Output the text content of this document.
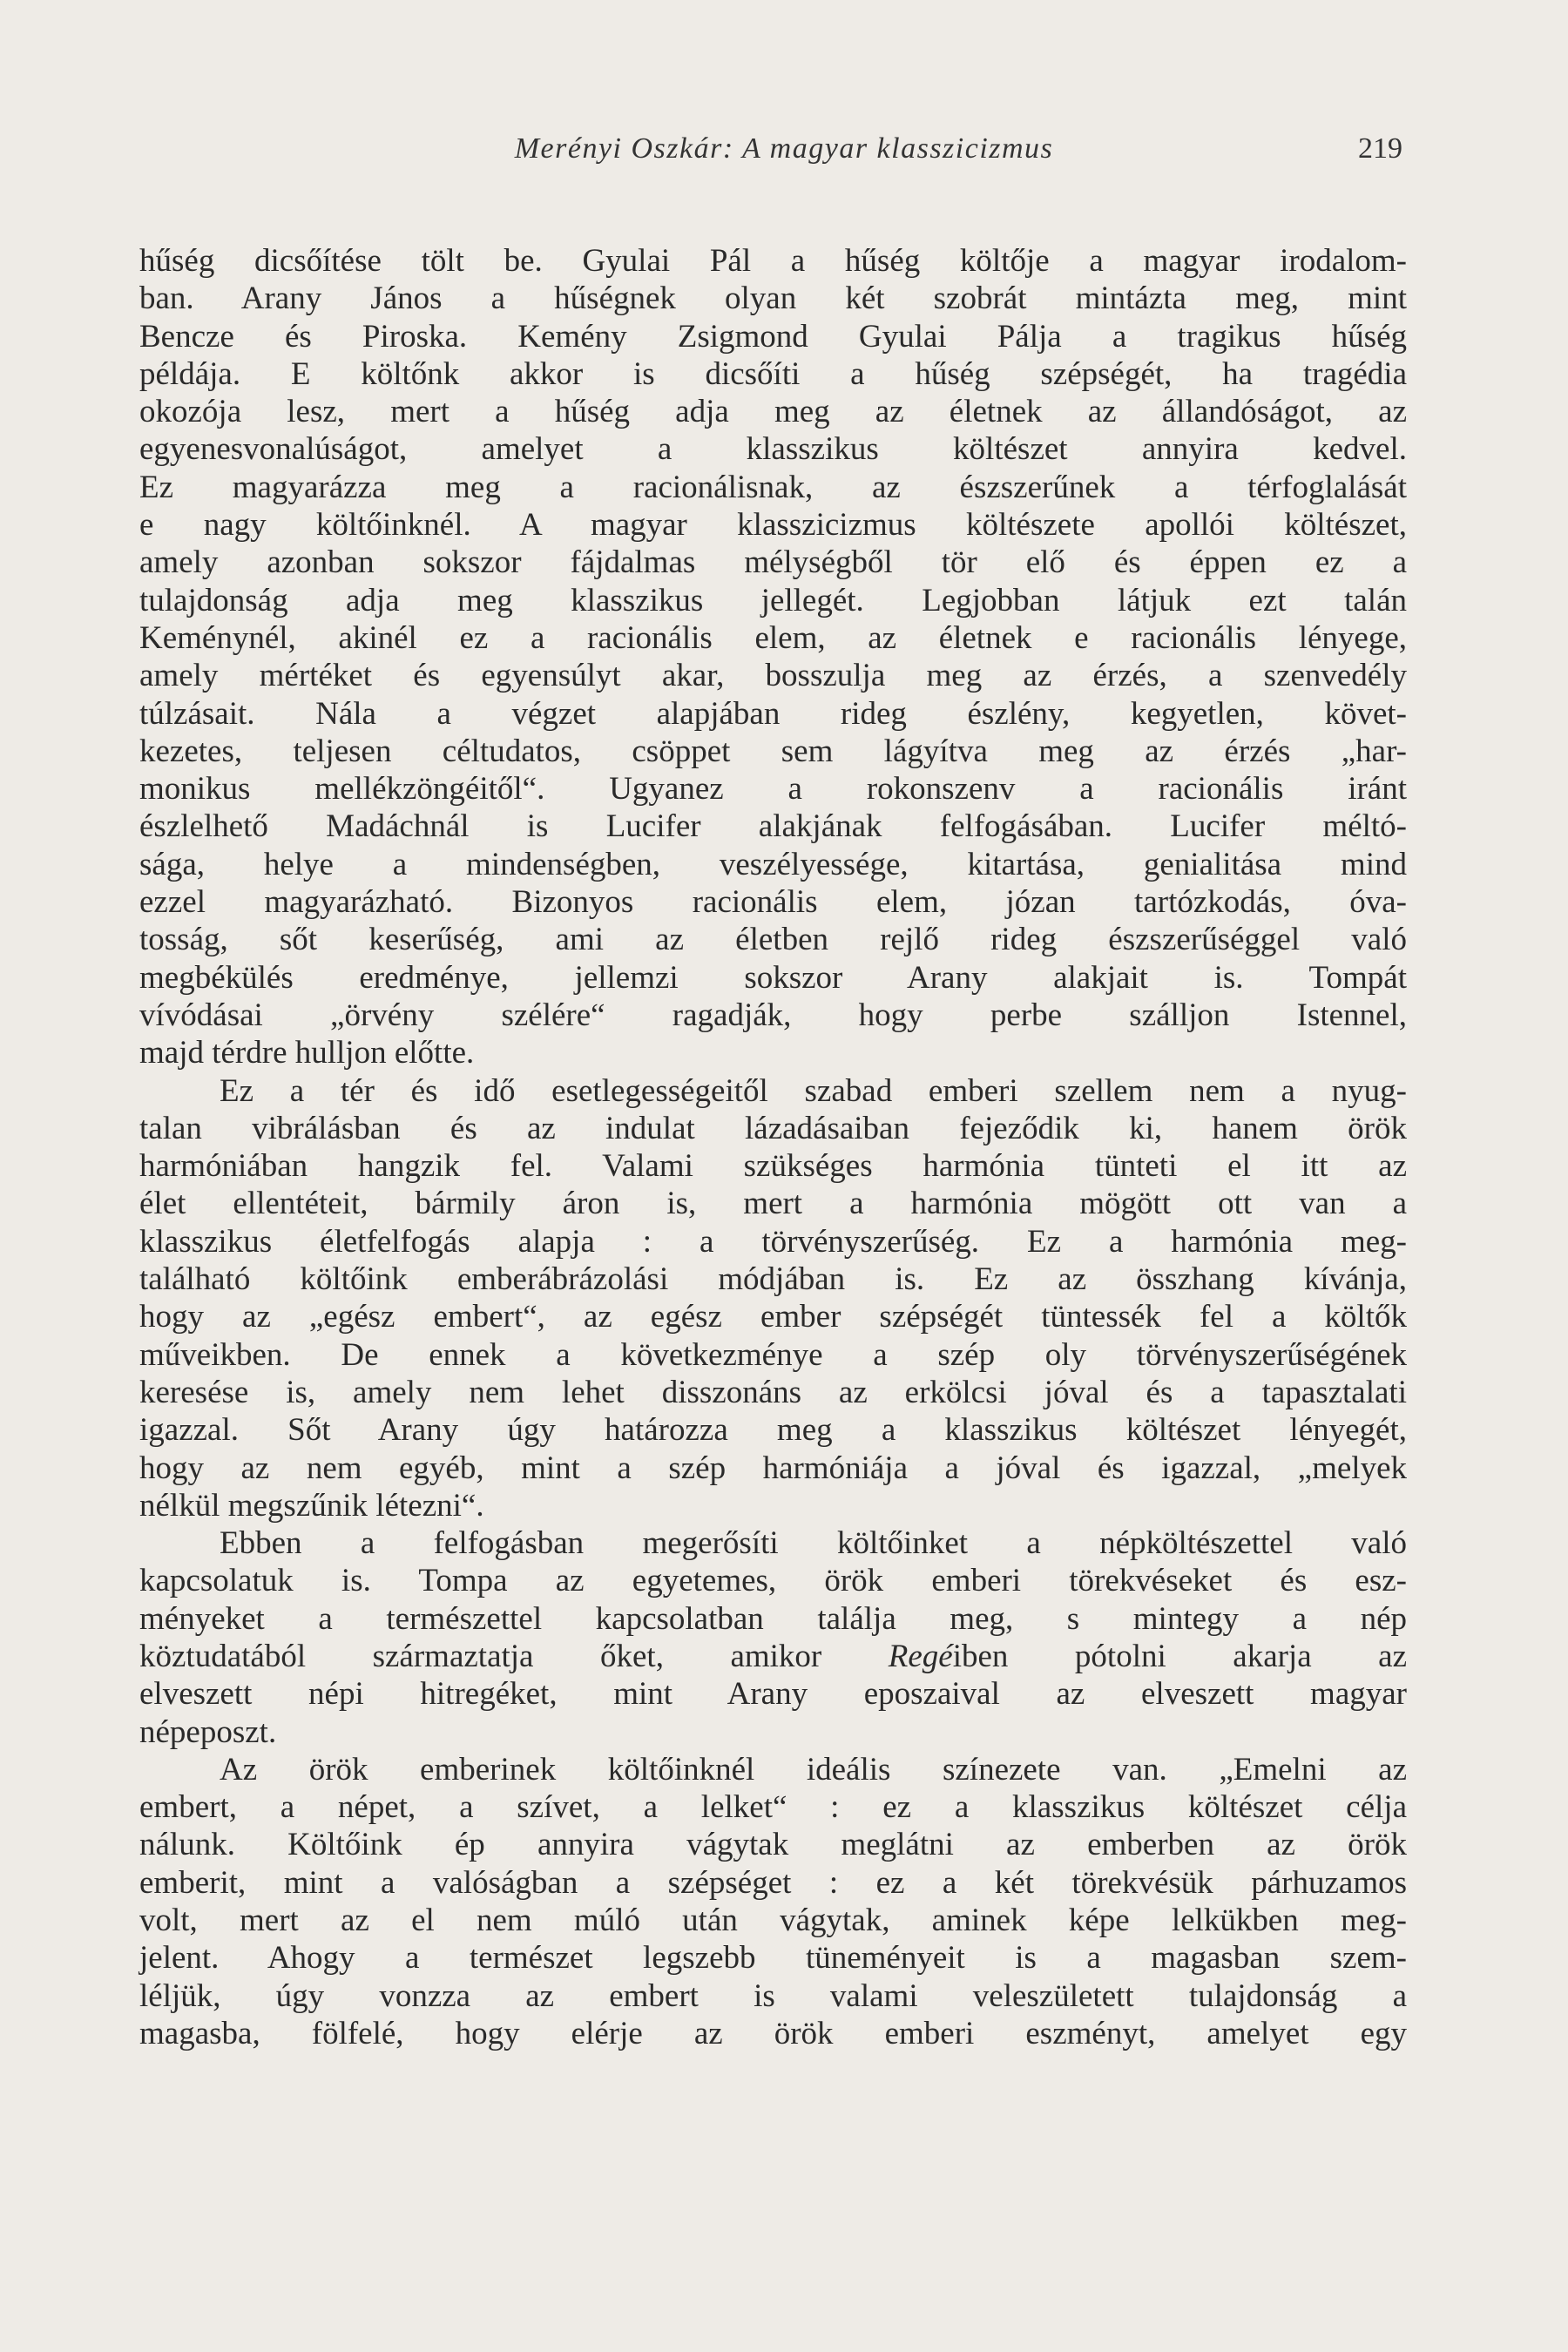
Merényi Oszkár: A magyar klasszicizmus	219
hűség dicsőítése tölt be. Gyulai Pál a hűség költője a magyar irodalom-
ban. Arany János a hűségnek olyan két szobrát mintázta meg, mint
Bencze és Piroska. Kemény Zsigmond Gyulai Pálja a tragikus hűség
példája. E költőnk akkor is dicsőíti a hűség szépségét, ha tragédia
okozója lesz, mert a hűség adja meg az életnek az állandóságot, az
egyenesvonalúságot, amelyet a klasszikus költészet annyira kedvel.
Ez magyarázza meg a racionálisnak, az észszerűnek a térfoglalását
e nagy költőinknél. A magyar klasszicizmus költészete apollói költészet,
amely azonban sokszor fájdalmas mélységből tör elő és éppen ez a
tulajdonság adja meg klasszikus jellegét. Legjobban látjuk ezt talán
Keménynél, akinél ez a racionális elem, az életnek e racionális lényege,
amely mértéket és egyensúlyt akar, bosszulja meg az érzés, a szenvedély
túlzásait. Nála a végzet alapjában rideg észlény, kegyetlen, követ-
kezetes, teljesen céltudatos, csöppet sem lágyítva meg az érzés „har-
monikus mellékzöngéitől“. Ugyanez a rokonszenv a racionális iránt
észlelhető Madáchnál is Lucifer alakjának felfogásában. Lucifer méltó-
sága, helye a mindenségben, veszélyessége, kitartása, genialitása mind
ezzel magyarázható. Bizonyos racionális elem, józan tartózkodás, óva-
tosság, sőt keserűség, ami az életben rejlő rideg észszerűséggel való
megbékülés eredménye, jellemzi sokszor Arany alakjait is. Tompát
vívódásai „örvény szélére“ ragadják, hogy perbe szálljon Istennel,
majd térdre hulljon előtte.
Ez a tér és idő esetlegességeitől szabad emberi szellem nem a nyug-
talan vibrálásban és az indulat lázadásaiban fejeződik ki, hanem örök
harmóniában hangzik fel. Valami szükséges harmónia tünteti el itt az
élet ellentéteit, bármily áron is, mert a harmónia mögött ott van a
klasszikus életfelfogás alapja : a törvényszerűség. Ez a harmónia meg-
található költőink emberábrázolási módjában is. Ez az összhang kívánja,
hogy az „egész embert“, az egész ember szépségét tüntessék fel a költők
műveikben. De ennek a következménye a szép oly törvényszerűségének
keresése is, amely nem lehet disszonáns az erkölcsi jóval és a tapasztalati
igazzal. Sőt Arany úgy határozza meg a klasszikus költészet lényegét,
hogy az nem egyéb, mint a szép harmóniája a jóval és igazzal, „melyek
nélkül megszűnik létezni“.
Ebben a felfogásban megerősíti költőinket a népköltészettel való
kapcsolatuk is. Tompa az egyetemes, örök emberi törekvéseket és esz-
ményeket a természettel kapcsolatban találja meg, s mintegy a nép
köztudatából származtatja őket, amikor Regéiben pótolni akarja az
elveszett népi hitregéket, mint Arany eposzaival az elveszett magyar
népeposzt.
Az örök emberinek költőinknél ideális színezete van. „Emelni az
embert, a népet, a szívet, a lelket“ : ez a klasszikus költészet célja
nálunk. Költőink ép annyira vágytak meglátni az emberben az örök
emberit, mint a valóságban a szépséget : ez a két törekvésük párhuzamos
volt, mert az el nem múló után vágytak, aminek képe lelkükben meg-
jelent. Ahogy a természet legszebb tüneményeit is a magasban szem-
léljük, úgy vonzza az embert is valami veleszületett tulajdonság a
magasba, fölfelé, hogy elérje az örök emberi eszményt, amelyet egy
